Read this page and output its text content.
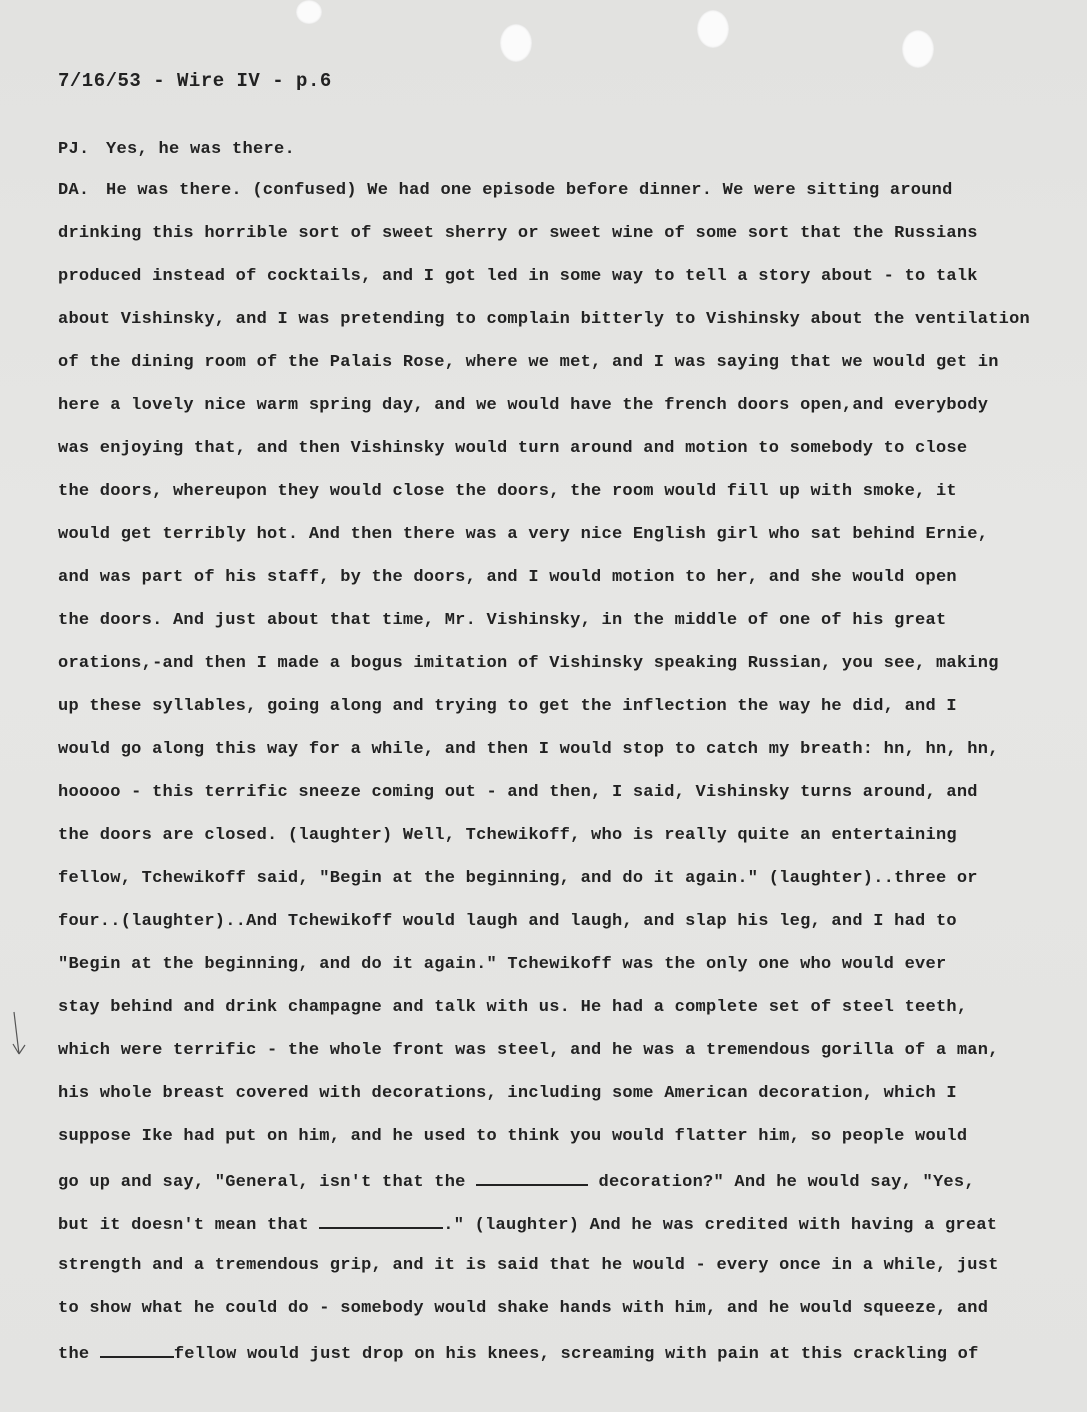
7/16/53 - Wire IV - p.6
PJ. Yes, he was there.
DA. He was there. (confused) We had one episode before dinner. We were sitting around
drinking this horrible sort of sweet sherry or sweet wine of some sort that the Russians
produced instead of cocktails, and I got led in some way to tell a story about - to talk
about Vishinsky, and I was pretending to complain bitterly to Vishinsky about the ventilation
of the dining room of the Palais Rose, where we met, and I was saying that we would get in
here a lovely nice warm spring day, and we would have the french doors open,and everybody
was enjoying that, and then Vishinsky would turn around and motion to somebody to close
the doors, whereupon they would close the doors, the room would fill up with smoke, it
would get terribly hot. And then there was a very nice English girl who sat behind Ernie,
and was part of his staff, by the doors, and I would motion to her, and she would open
the doors. And just about that time, Mr. Vishinsky, in the middle of one of his great
orations,-and then I made a bogus imitation of Vishinsky speaking Russian, you see, making
up these syllables, going along and trying to get the inflection the way he did, and I
would go along this way for a while, and then I would stop to catch my breath: hn, hn, hn,
hooooo - this terrific sneeze coming out - and then, I said, Vishinsky turns around, and
the doors are closed. (laughter) Well, Tchewikoff, who is really quite an entertaining
fellow, Tchewikoff said, "Begin at the beginning, and do it again." (laughter)..three or
four..(laughter)..And Tchewikoff would laugh and laugh, and slap his leg, and I had to
"Begin at the beginning, and do it again." Tchewikoff was the only one who would ever
stay behind and drink champagne and talk with us. He had a complete set of steel teeth,
which were terrific - the whole front was steel, and he was a tremendous gorilla of a man,
his whole breast covered with decorations, including some American decoration, which I
suppose Ike had put on him, and he used to think you would flatter him, so people would
go up and say, "General, isn't that the	decoration?" And he would say, "Yes,
but it doesn't mean that	." (laughter) And he was credited with having a great
strength and a tremendous grip, and it is said that he would - every once in a while, just
to show what he could do - somebody would shake hands with him, and he would squeeze, and
the	fellow would just drop on his knees, screaming with pain at this crackling of
